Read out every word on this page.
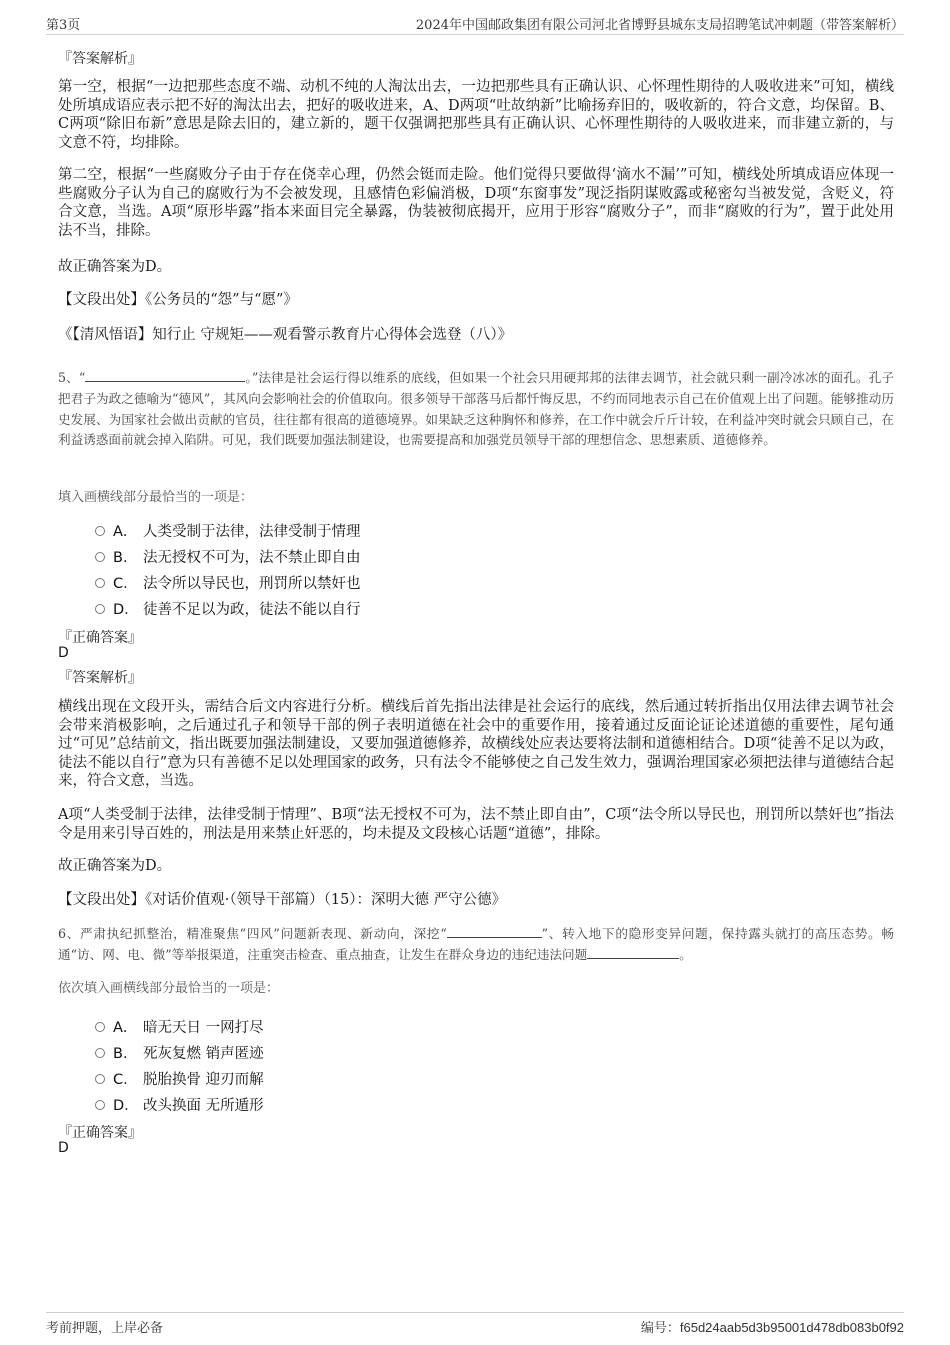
第3页	2024年中国邮政集团有限公司河北省博野县城东支局招聘笔试冲刺题（带答案解析）
『答案解析』
第一空，根据“一边把那些态度不端、动机不纯的人淘汰出去，一边把那些具有正确认识、心怀理性期待的人吸收进来”可知，横线处所填成语应表示把不好的淘汰出去，把好的吸收进来，A、D两项“吐故纳新”比喻扬弃旧的，吸收新的，符合文意，均保留。B、C两项“除旧布新”意思是除去旧的，建立新的，题干仅强调把那些具有正确认识、心怀理性期待的人吸收进来，而非建立新的，与文意不符，均排除。
第二空，根据“一些腐败分子由于存在侥幸心理，仍然会铤而走险。他们觉得只要做得‘滴水不漏’”可知，横线处所填成语应体现一些腐败分子认为自己的腐败行为不会被发现，且感情色彩偏消极，D项“东窗事发”现泛指阴谋败露或秘密勾当被发觉，含贬义，符合文意，当选。A项“原形毕露”指本来面目完全暴露，伪装被彻底揭开，应用于形容“腐败分子”，而非“腐败的行为”，置于此处用法不当，排除。
故正确答案为D。
【文段出处】《公务员的“怨”与“愿”》
《【清风悟语】知行止 守规矩——观看警示教育片心得体会选登（八）》
5、“	。”法律是社会运行得以维系的底线，但如果一个社会只用硬邦邦的法律去调节，社会就只剩一副冷冰冰的面孔。孔子把君子为政之德喻为“德风”，其风向会影响社会的价值取向。很多领导干部落马后都忏悔反思，不约而同地表示自己在价值观上出了问题。能够推动历史发展、为国家社会做出贡献的官员，往往都有很高的道德境界。如果缺乏这种胸怀和修养，在工作中就会斤斤计较，在利益冲突时就会只顾自己，在利益诱惑面前就会掉入陷阱。可见，我们既要加强法制建设，也需要提高和加强党员领导干部的理想信念、思想素质、道德修养。
填入画横线部分最恰当的一项是：
A． 人类受制于法律，法律受制于情理
B． 法无授权不可为，法不禁止即自由
C． 法令所以导民也，刑罚所以禁奸也
D． 徒善不足以为政，徒法不能以自行
『正确答案』
D
『答案解析』
横线出现在文段开头，需结合后文内容进行分析。横线后首先指出法律是社会运行的底线，然后通过转折指出仅用法律去调节社会会带来消极影响，之后通过孔子和领导干部的例子表明道德在社会中的重要作用，接着通过反面论证论述道德的重要性，尾句通过“可见”总结前文，指出既要加强法制建设，又要加强道德修养，故横线处应表达要将法制和道德相结合。D项“徒善不足以为政，徒法不能以自行”意为只有善德不足以处理国家的政务，只有法令不能够使之自己发生效力，强调治理国家必须把法律与道德结合起来，符合文意，当选。
A项“人类受制于法律，法律受制于情理”、B项“法无授权不可为，法不禁止即自由”，C项“法令所以导民也，刑罚所以禁奸也”指法令是用来引导百姓的，刑法是用来禁止奸恶的，均未提及文段核心话题“道德”，排除。
故正确答案为D。
【文段出处】《对话价值观·（领导干部篇）（15）：深明大德 严守公德》
6、严肃执纪抓整治，精准聚焦“四风”问题新表现、新动向，深挖“	”、转入地下的隐形变异问题，保持露头就打的高压态势。畅通“访、网、电、微”等举报渠道，注重突击检查、重点抽查，让发生在群众身边的违纪违法问题	。
依次填入画横线部分最恰当的一项是：
A． 暗无天日 一网打尽
B． 死灰复燃 销声匿迹
C． 脱胎换骨 迎刃而解
D． 改头换面 无所遁形
『正确答案』
D
考前押题，上岸必备	编号：f65d24aab5d3b95001d478db083b0f92
